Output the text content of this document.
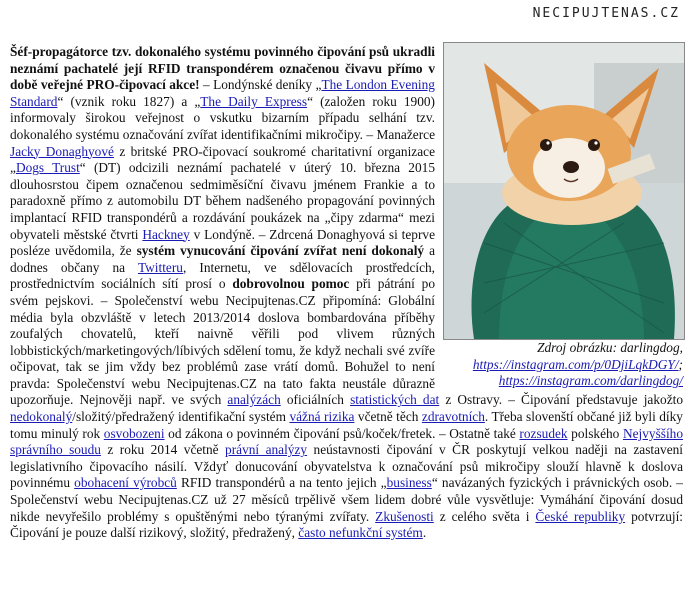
NECIPUJTENAS.CZ
Zdroj obrázku: darlingdog,
https://instagram.com/p/0DjiLqkDGY/;
https://instagram.com/darlingdog/
Šéf-propagátorce tzv. dokonalého systému povinného čipování psů ukradli neznámí pachatelé její RFID transpondérem označenou čivavu přímo v době veřejné PRO-čipovací akce! – Londýnské deníky „The London Evening Standard“ (vznik roku 1827) a „The Daily Express“ (založen roku 1900) informovaly širokou veřejnost o vskutku bizarním případu selhání tzv. dokonalého systému označování zvířat identifikačními mikročipy. – Manažerce Jacky Donaghyové z britské PRO-čipovací soukromé charitativní organizace „Dogs Trust“ (DT) odcizili neznámí pachatelé v úterý 10. března 2015 dlouhosrstou čipem označenou sedmiměsíční čivavu jménem Frankie a to paradoxně přímo z automobilu DT během nadšeného propagování povinných implantací RFID transpondérů a rozdávání poukázek na „čipy zdarma“ mezi obyvateli městské čtvrti Hackney v Londýně. – Zdrcená Donaghyová si teprve posléze uvědomila, že systém vynucování čipování zvířat není dokonalý a dodnes občany na Twitteru, Internetu, ve sdělovacích prostředcích, prostřednictvím sociálních sítí prosí o dobrovolnou pomoc při pátrání po svém pejskovi. – Společenství webu Necipujtenas.CZ připomíná: Globální média byla obzvláště v letech 2013/2014 doslova bombardována příběhy zoufalých chovatelů, kteří naivně věřili pod vlivem různých lobbistických/marketingových/líbivých sdělení tomu, že když nechali své zvíře očipovat, tak se jim vždy bez problémů zase vrátí domů. Bohužel to není pravda: Společenství webu Necipujtenas.CZ na tato fakta neustále důrazně upozorňuje. Nejnověji např. ve svých analýzách oficiálních statistických dat z Ostravy. – Čipování představuje jakožto nedokonalý/složitý/předražený identifikační systém vážná rizika včetně těch zdravotních. Třeba slovenští občané již byli díky tomu minulý rok osvobozeni od zákona o povinném čipování psů/koček/fretek. – Ostatně také rozsudek polského Nejvyššího správního soudu z roku 2014 včetně právní analýzy neústavnosti čipování v ČR poskytují velkou naději na zastavení legislativního čipovacího násilí. Vždyť donucování obyvatelstva k označování psů mikročipy slouží hlavně k doslova povinnému obohacení výrobců RFID transpondérů a na tento jejich „business“ navázaných fyzických i právnických osob. – Společenství webu Necipujtenas.CZ už 27 měsíců trpělivě všem lidem dobré vůle vysvětluje: Vymáhání čipování dosud nikde nevyřešilo problémy s opuštěnými nebo týranými zvířaty. Zkušenosti z celého světa i České republiky potvrzují: Čipování je pouze další rizikový, složitý, předražený, často nefunkční systém.
